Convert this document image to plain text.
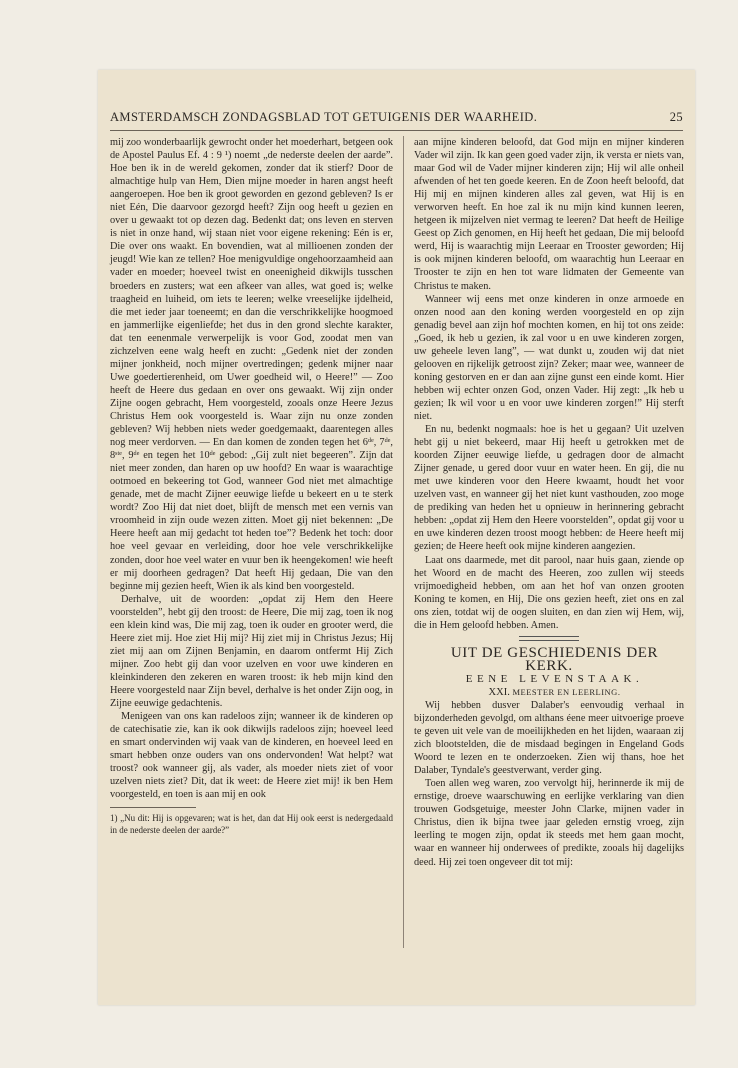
AMSTERDAMSCH ZONDAGSBLAD TOT GETUIGENIS DER WAARHEID.	25

mij zoo wonderbaarlijk gewrocht onder het moederhart, betgeen ook de Apostel Paulus Ef. 4 : 9 ¹) noemt „de nederste deelen der aarde”. Hoe ben ik in de wereld gekomen, zonder dat ik stierf? Door de almachtige hulp van Hem, Dien mijne moeder in haren angst heeft aangeroepen. Hoe ben ik groot geworden en gezond gebleven? Is er niet Eén, Die daarvoor gezorgd heeft? Zijn oog heeft u gezien en over u gewaakt tot op dezen dag. Bedenkt dat; ons leven en sterven is niet in onze hand, wij staan niet voor eigene rekening: Eén is er, Die over ons waakt. En bovendien, wat al millioenen zonden der jeugd! Wie kan ze tellen? Hoe menigvuldige ongehoorzaamheid aan vader en moeder; hoeveel twist en oneenigheid dikwijls tusschen broeders en zusters; wat een afkeer van alles, wat goed is; welke traagheid en luiheid, om iets te leeren; welke vreeselijke ijdelheid, die met ieder jaar toeneemt; en dan die verschrikkelijke hoogmoed en jammerlijke eigenliefde; het dus in den grond slechte karakter, dat ten eenenmale verwerpelijk is voor God, zoodat men van zichzelven eene walg heeft en zucht: „Gedenk niet der zonden mijner jonkheid, noch mijner overtredingen; gedenk mijner naar Uwe goedertierenheid, om Uwer goedheid wil, o Heere!” — Zoo heeft de Heere dus gedaan en over ons gewaakt. Wij zijn onder Zijne oogen gebracht, Hem voorgesteld, zooals onze Heere Jezus Christus Hem ook voorgesteld is. Waar zijn nu onze zonden gebleven? Wij hebben niets weder goedgemaakt, daarentegen alles nog meer verdorven. — En dan komen de zonden tegen het 6ᵈᵉ, 7ᵈᵉ, 8ˢᵗᵉ, 9ᵈᵉ en tegen het 10ᵈᵉ gebod: „Gij zult niet begeeren”. Zijn dat niet meer zonden, dan haren op uw hoofd? En waar is waarachtige ootmoed en bekeering tot God, wanneer God niet met almachtige genade, met de macht Zijner eeuwige liefde u bekeert en u te sterk wordt? Zoo Hij dat niet doet, blijft de mensch met een vernis van vroomheid in zijn oude wezen zitten. Moet gij niet bekennen: „De Heere heeft aan mij gedacht tot heden toe”? Bedenk het toch: door hoe veel gevaar en verleiding, door hoe vele verschrikkelijke zonden, door hoe veel water en vuur ben ik heengekomen! wie heeft er mij doorheen gedragen? Dat heeft Hij gedaan, Die van den beginne mij gezien heeft, Wien ik als kind ben voorgesteld.

Derhalve, uit de woorden: „opdat zij Hem den Heere voorstelden”, hebt gij den troost: de Heere, Die mij zag, toen ik nog een klein kind was, Die mij zag, toen ik ouder en grooter werd, die Heere ziet mij. Hoe ziet Hij mij? Hij ziet mij in Christus Jezus; Hij ziet mij aan om Zijnen Benjamin, en daarom ontfermt Hij Zich mijner. Zoo hebt gij dan voor uzelven en voor uwe kinderen en kleinkinderen den zekeren en waren troost: ik heb mijn kind den Heere voorgesteld naar Zijn bevel, derhalve is het onder Zijn oog, in Zijne eeuwige gedachtenis.

Menigeen van ons kan radeloos zijn; wanneer ik de kinderen op de catechisatie zie, kan ik ook dikwijls radeloos zijn; hoeveel leed en smart ondervinden wij vaak van de kinderen, en hoeveel leed en smart hebben onze ouders van ons ondervonden! Wat helpt? wat troost? ook wanneer gij, als vader, als moeder niets ziet of voor uzelven niets ziet? Dit, dat ik weet: de Heere ziet mij! ik ben Hem voorgesteld, en toen is aan mij en ook

1) „Nu dit: Hij is opgevaren; wat is het, dan dat Hij ook eerst is nedergedaald in de nederste deelen der aarde?”

aan mijne kinderen beloofd, dat God mijn en mijner kinderen Vader wil zijn. Ik kan geen goed vader zijn, ik versta er niets van, maar God wil de Vader mijner kinderen zijn; Hij wil alle onheil afwenden of het ten goede keeren. En de Zoon heeft beloofd, dat Hij mij en mijnen kinderen alles zal geven, wat Hij is en verworven heeft. En hoe zal ik nu mijn kind kunnen leeren, hetgeen ik mijzelven niet vermag te leeren? Dat heeft de Heilige Geest op Zich genomen, en Hij heeft het gedaan, Die mij beloofd werd, Hij is waarachtig mijn Leeraar en Trooster geworden; Hij is ook mijnen kinderen beloofd, om waarachtig hun Leeraar en Trooster te zijn en hen tot ware lidmaten der Gemeente van Christus te maken.

Wanneer wij eens met onze kinderen in onze armoede en onzen nood aan den koning werden voorgesteld en op zijn genadig bevel aan zijn hof mochten komen, en hij tot ons zeide: „Goed, ik heb u gezien, ik zal voor u en uwe kinderen zorgen, uw geheele leven lang”, — wat dunkt u, zouden wij dat niet gelooven en rijkelijk getroost zijn? Zeker; maar wee, wanneer de koning gestorven en er dan aan zijne gunst een einde komt. Hier hebben wij echter onzen God, onzen Vader. Hij zegt: „Ik heb u gezien; Ik wil voor u en voor uwe kinderen zorgen!” Hij sterft niet.

En nu, bedenkt nogmaals: hoe is het u gegaan? Uit uzelven hebt gij u niet bekeerd, maar Hij heeft u getrokken met de koorden Zijner eeuwige liefde, u gedragen door de almacht Zijner genade, u gered door vuur en water heen. En gij, die nu met uwe kinderen voor den Heere kwaamt, houdt het voor uzelven vast, en wanneer gij het niet kunt vasthouden, zoo moge de prediking van heden het u opnieuw in herinnering gebracht hebben: „opdat zij Hem den Heere voorstelden”, opdat gij voor u en uwe kinderen dezen troost moogt hebben: de Heere heeft mij gezien; de Heere heeft ook mijne kinderen aangezien.

Laat ons daarmede, met dit parool, naar huis gaan, ziende op het Woord en de macht des Heeren, zoo zullen wij steeds vrijmoedigheid hebben, om aan het hof van onzen grooten Koning te komen, en Hij, Die ons gezien heeft, ziet ons en zal ons zien, totdat wij de oogen sluiten, en dan zien wij Hem, wij, die in Hem geloofd hebben. Amen.

UIT DE GESCHIEDENIS DER KERK.

EENE LEVENSTAAK.

XXI. MEESTER EN LEERLING.

Wij hebben dusver Dalaber's eenvoudig verhaal in bijzonderheden gevolgd, om althans éene meer uitvoerige proeve te geven uit vele van de moeilijkheden en het lijden, waaraan zij zich blootstelden, die de misdaad begingen in Engeland Gods Woord te lezen en te onderzoeken. Zien wij thans, hoe het Dalaber, Tyndale's geestverwant, verder ging.

Toen allen weg waren, zoo vervolgt hij, herinnerde ik mij de ernstige, droeve waarschuwing en eerlijke verklaring van dien trouwen Godsgetuige, meester John Clarke, mijnen vader in Christus, dien ik bijna twee jaar geleden ernstig vroeg, zijn leerling te mogen zijn, opdat ik steeds met hem gaan mocht, waar en wanneer hij onderwees of predikte, zooals hij dagelijks deed. Hij zei toen ongeveer dit tot mij:
